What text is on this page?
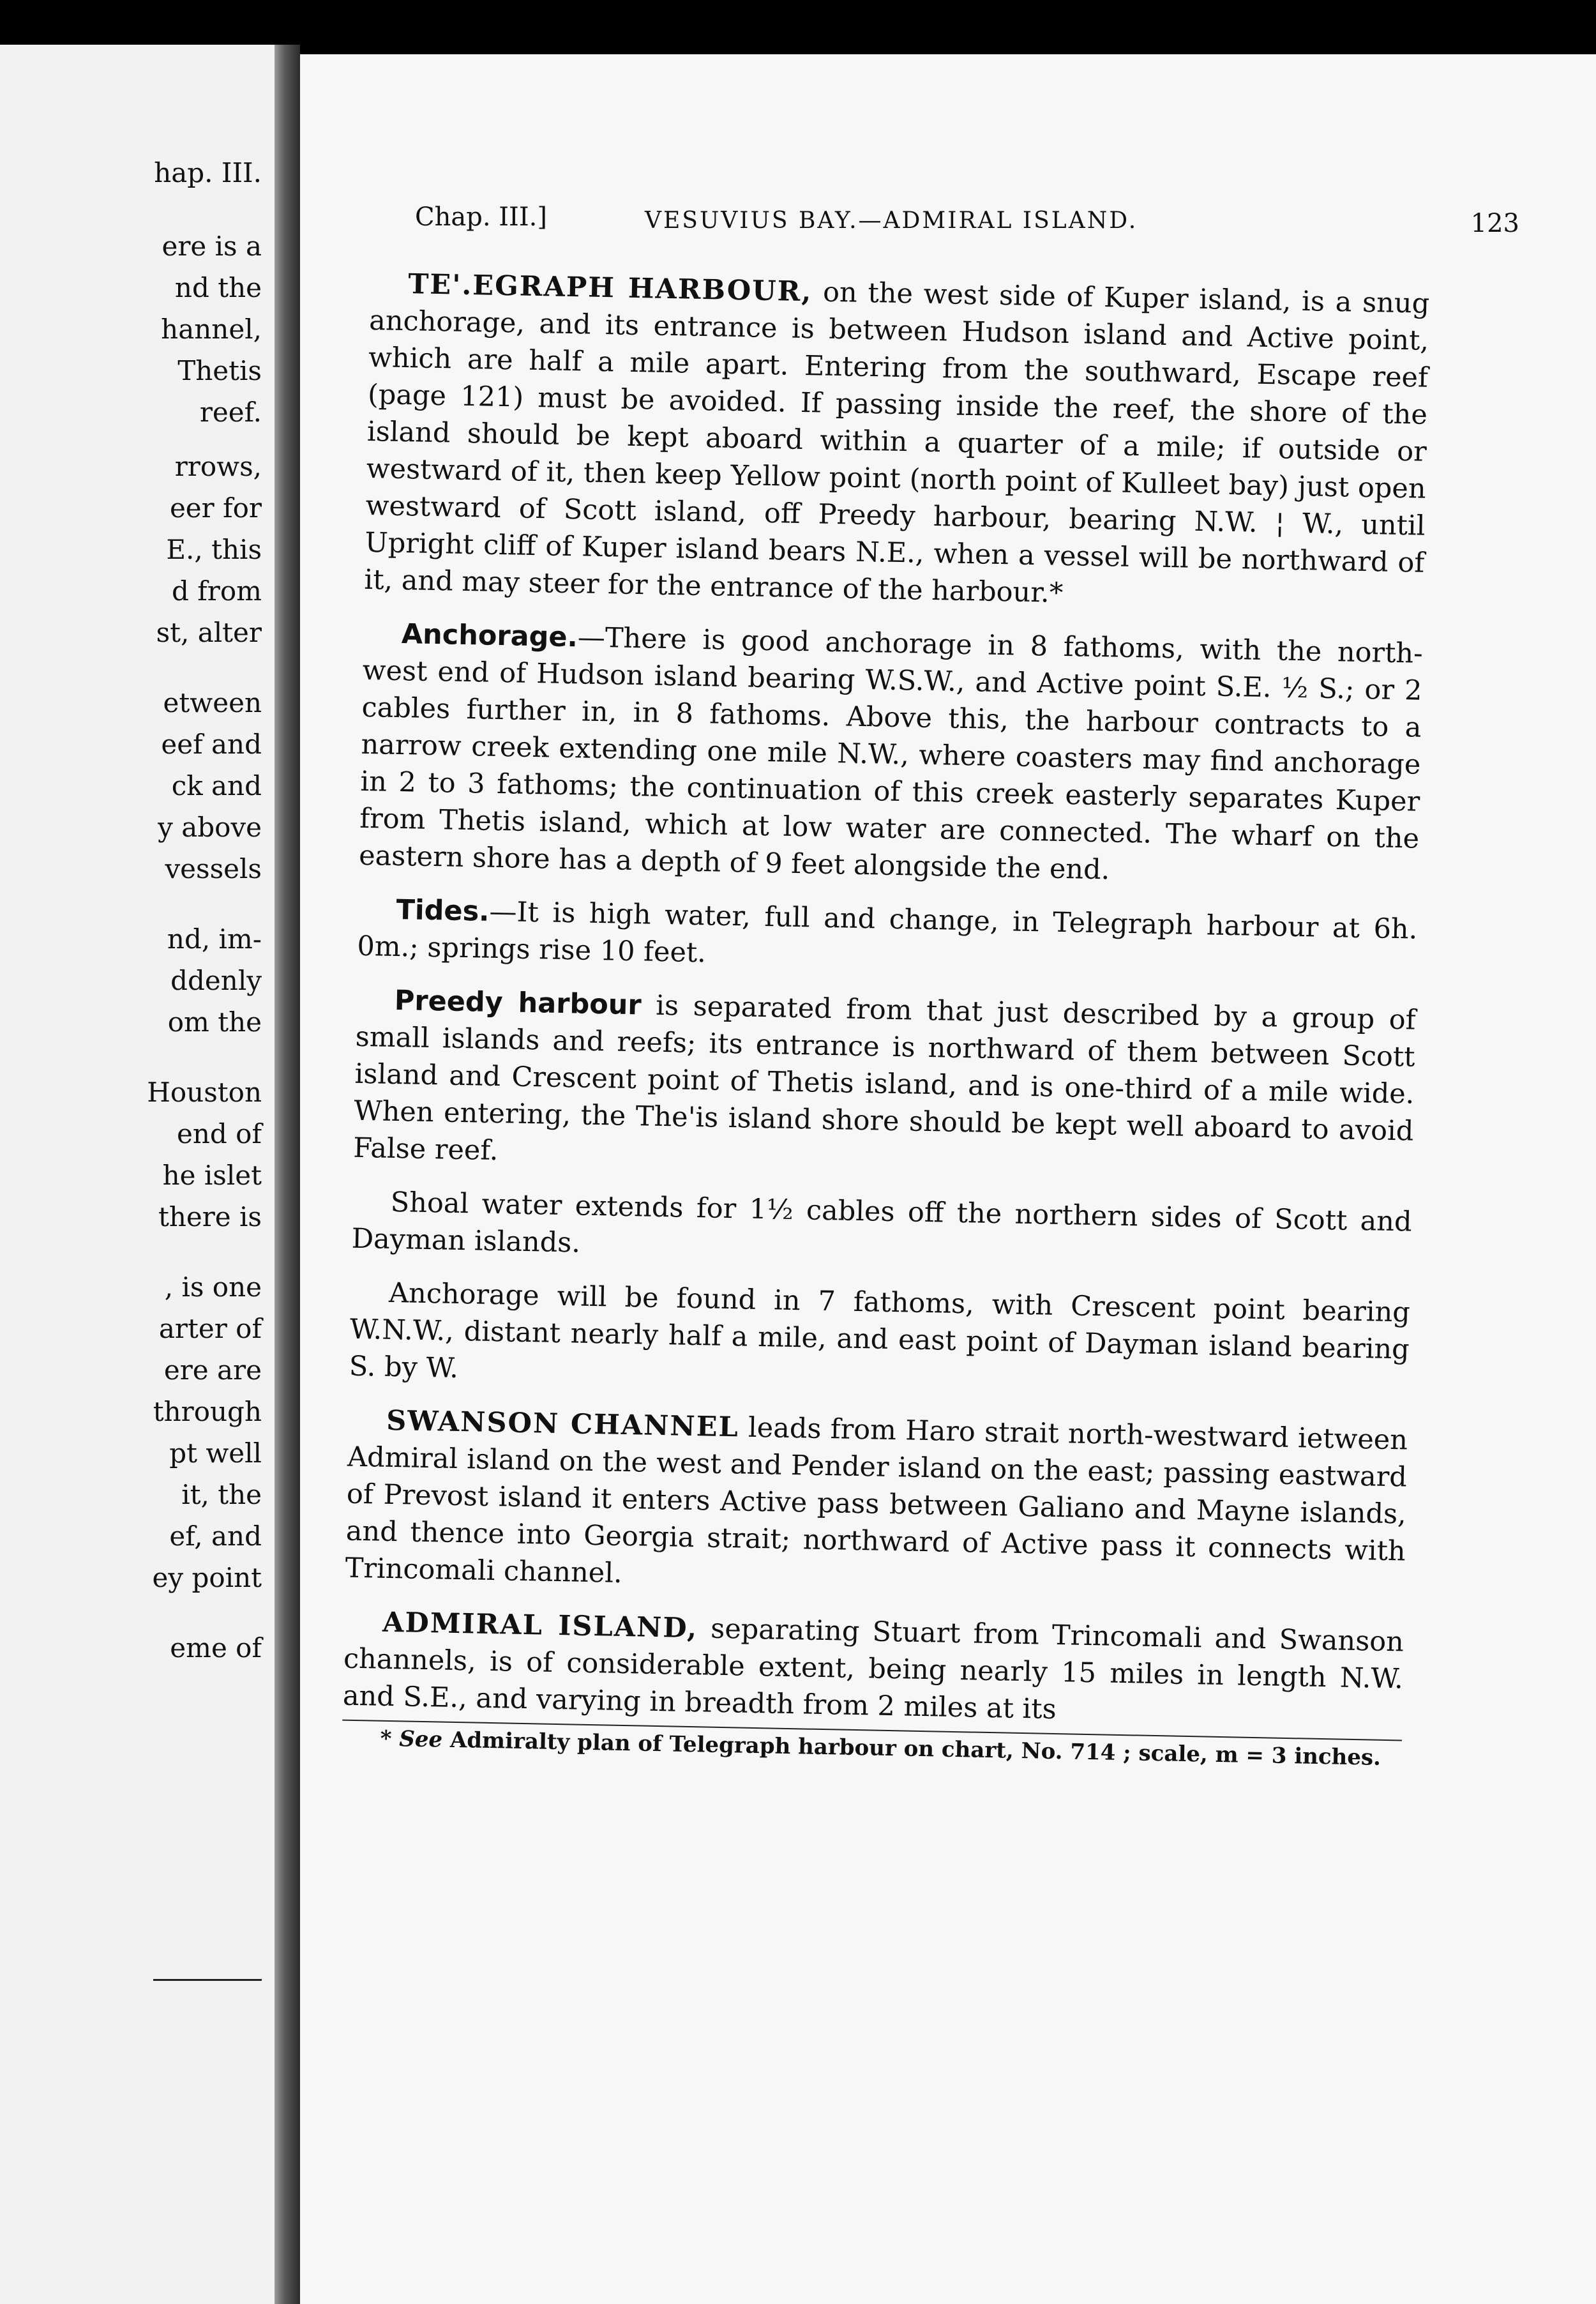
hap. III.
ere is a
nd the
hannel,
Thetis
reef.
rrows,
eer for
E., this
d from
st, alter
etween
eef and
ck and
y above
vessels
nd, im-
ddenly
om the
Houston
end of
he islet
there is
, is one
arter of
ere are
through
pt well
it, the
ef, and
ey point
eme of
Chap. III.]	VESUVIUS BAY.—ADMIRAL ISLAND.	123

TE'.EGRAPH HARBOUR, on the west side of Kuper island, is a snug anchorage, and its entrance is between Hudson island and Active point, which are half a mile apart. Entering from the southward, Escape reef (page 121) must be avoided. If passing inside the reef, the shore of the island should be kept aboard within a quarter of a mile; if outside or westward of it, then keep Yellow point (north point of Kulleet bay) just open westward of Scott island, off Preedy harbour, bearing N.W. ¦ W., until Upright cliff of Kuper island bears N.E., when a vessel will be northward of it, and may steer for the entrance of the harbour.*

Anchorage.—There is good anchorage in 8 fathoms, with the north-west end of Hudson island bearing W.S.W., and Active point S.E. ½ S.; or 2 cables further in, in 8 fathoms. Above this, the harbour contracts to a narrow creek extending one mile N.W., where coasters may find anchorage in 2 to 3 fathoms; the continuation of this creek easterly separates Kuper from Thetis island, which at low water are connected. The wharf on the eastern shore has a depth of 9 feet alongside the end.

Tides.—It is high water, full and change, in Telegraph harbour at 6h. 0m.; springs rise 10 feet.

Preedy harbour is separated from that just described by a group of small islands and reefs; its entrance is northward of them between Scott island and Crescent point of Thetis island, and is one-third of a mile wide. When entering, the The'is island shore should be kept well aboard to avoid False reef.

Shoal water extends for 1½ cables off the northern sides of Scott and Dayman islands.

Anchorage will be found in 7 fathoms, with Crescent point bearing W.N.W., distant nearly half a mile, and east point of Dayman island bearing S. by W.

SWANSON CHANNEL leads from Haro strait north-westward ietween Admiral island on the west and Pender island on the east; passing eastward of Prevost island it enters Active pass between Galiano and Mayne islands, and thence into Georgia strait; northward of Active pass it connects with Trincomali channel.

ADMIRAL ISLAND, separating Stuart from Trincomali and Swanson channels, is of considerable extent, being nearly 15 miles in length N.W. and S.E., and varying in breadth from 2 miles at its

* See Admiralty plan of Telegraph harbour on chart, No. 714 ; scale, m = 3 inches.
